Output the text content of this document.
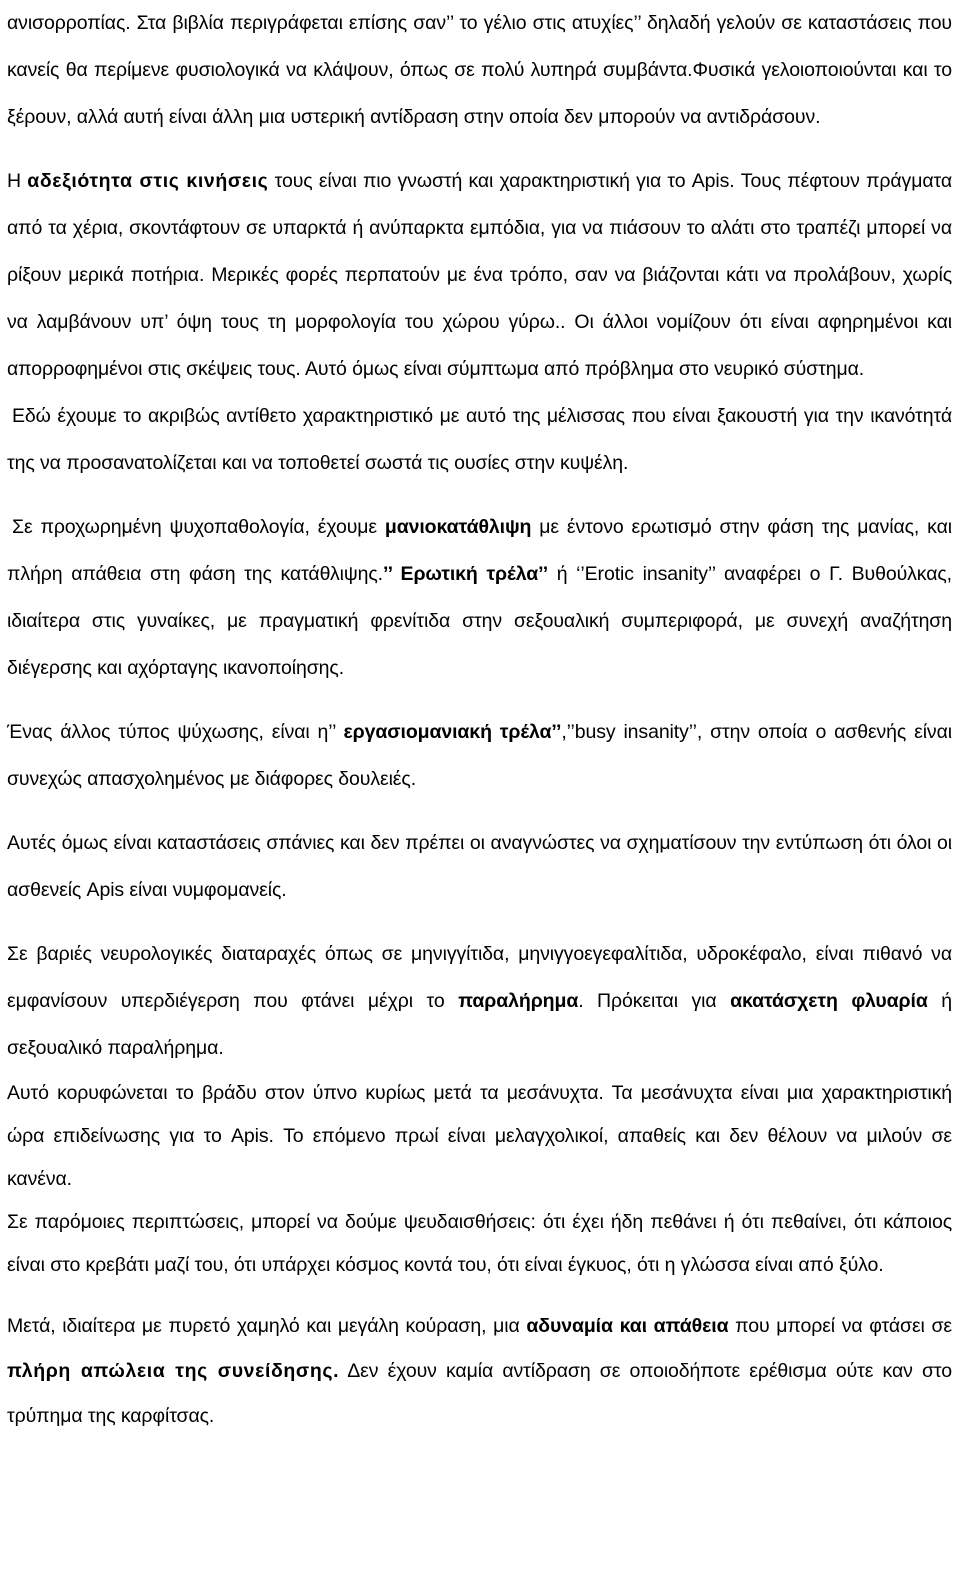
ανισορροπίας. Στα βιβλία περιγράφεται επίσης σαν’’ το γέλιο στις ατυχίες’’ δηλαδή γελούν σε καταστάσεις που κανείς θα περίμενε φυσιολογικά να κλάψουν, όπως σε πολύ λυπηρά συμβάντα.Φυσικά γελοιοποιούνται και το ξέρουν, αλλά αυτή είναι άλλη μια υστερική αντίδραση στην οποία δεν μπορούν να αντιδράσουν.

Η αδεξιότητα στις κινήσεις τους είναι πιο γνωστή και χαρακτηριστική για το Apis. Τους πέφτουν πράγματα από τα χέρια, σκοντάφτουν σε υπαρκτά ή ανύπαρκτα εμπόδια, για να πιάσουν το αλάτι στο τραπέζι μπορεί να ρίξουν μερικά ποτήρια. Μερικές φορές περπατούν με ένα τρόπο, σαν να βιάζονται κάτι να προλάβουν, χωρίς να λαμβάνουν υπ’ όψη τους τη μορφολογία του χώρου γύρω.. Οι άλλοι νομίζουν ότι είναι αφηρημένοι και απορροφημένοι στις σκέψεις τους. Αυτό όμως είναι σύμπτωμα από πρόβλημα στο νευρικό σύστημα.

Εδώ έχουμε το ακριβώς αντίθετο χαρακτηριστικό με αυτό της μέλισσας που είναι ξακουστή για την ικανότητά της να προσανατολίζεται και να τοποθετεί σωστά τις ουσίες στην κυψέλη.

Σε προχωρημένη ψυχοπαθολογία, έχουμε μανιοκατάθλιψη με έντονο ερωτισμό στην φάση της μανίας, και πλήρη απάθεια στη φάση της κατάθλιψης.’’ Ερωτική τρέλα’’ ή ‘’Erotic insanity’’ αναφέρει ο Γ. Βυθούλκας, ιδιαίτερα στις γυναίκες, με πραγματική φρενίτιδα στην σεξουαλική συμπεριφορά, με συνεχή αναζήτηση διέγερσης και αχόρταγης ικανοποίησης.

Ένας άλλος τύπος ψύχωσης, είναι η’’ εργασιομανιακή τρέλα’’,’’busy insanity’’, στην οποία ο ασθενής είναι συνεχώς απασχολημένος με διάφορες δουλειές.

Αυτές όμως είναι καταστάσεις σπάνιες και δεν πρέπει οι αναγνώστες να σχηματίσουν την εντύπωση ότι όλοι οι ασθενείς Apis είναι νυμφομανείς.

Σε βαριές νευρολογικές διαταραχές όπως σε μηνιγγίτιδα, μηνιγγοεγεφαλίτιδα, υδροκέφαλο, είναι πιθανό να εμφανίσουν υπερδιέγερση που φτάνει μέχρι το παραλήρημα. Πρόκειται για ακατάσχετη φλυαρία ή σεξουαλικό παραλήρημα.

Αυτό κορυφώνεται το βράδυ στον ύπνο κυρίως μετά τα μεσάνυχτα. Τα μεσάνυχτα είναι μια χαρακτηριστική ώρα επιδείνωσης για το Apis. Το επόμενο πρωί είναι μελαγχολικοί, απαθείς και δεν θέλουν να μιλούν σε κανένα.

Σε παρόμοιες περιπτώσεις, μπορεί να δούμε ψευδαισθήσεις: ότι έχει ήδη πεθάνει ή ότι πεθαίνει, ότι κάποιος είναι στο κρεβάτι μαζί του, ότι υπάρχει κόσμος κοντά του, ότι είναι έγκυος, ότι η γλώσσα είναι από ξύλο.

Μετά, ιδιαίτερα με πυρετό χαμηλό και μεγάλη κούραση, μια αδυναμία και απάθεια που μπορεί να φτάσει σε πλήρη απώλεια της συνείδησης. Δεν έχουν καμία αντίδραση σε οποιοδήποτε ερέθισμα ούτε καν στο τρύπημα της καρφίτσας.
